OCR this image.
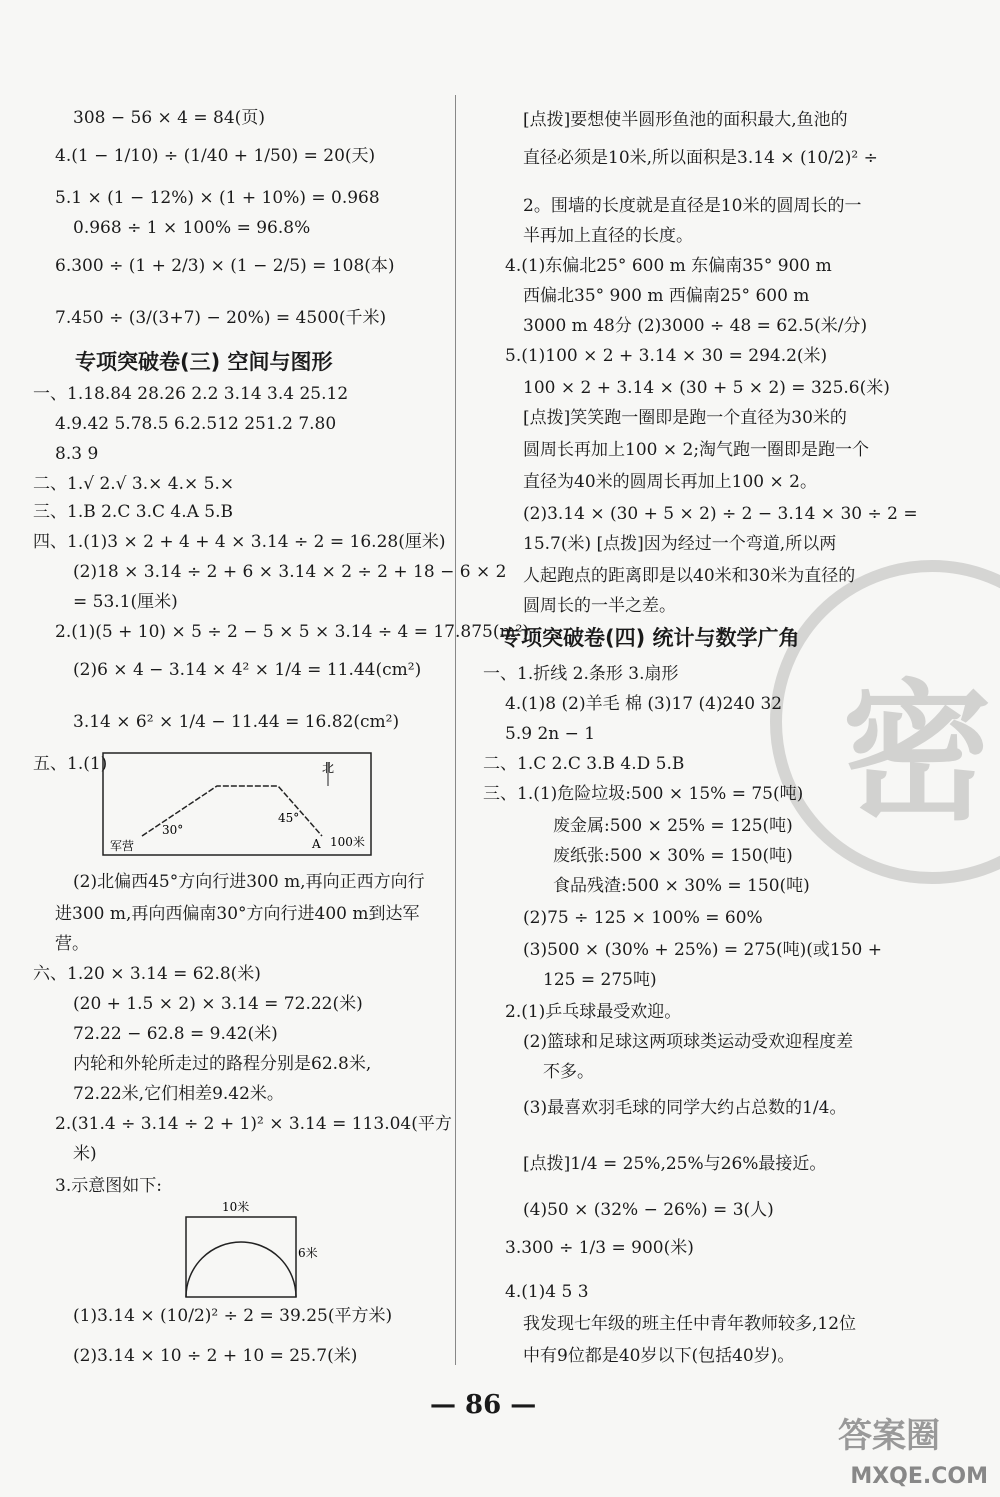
密
308 − 56 × 4 = 84(页)
4.(1 − 1/10) ÷ (1/40 + 1/50) = 20(天)
5.1 × (1 − 12%) × (1 + 10%) = 0.968
0.968 ÷ 1 × 100% = 96.8%
6.300 ÷ (1 + 2/3) × (1 − 2/5) = 108(本)
7.450 ÷ (3/(3+7) − 20%) = 4500(千米)
专项突破卷(三) 空间与图形
一、1.18.84 28.26 2.2 3.14 3.4 25.12
4.9.42 5.78.5 6.2.512 251.2 7.80
8.3 9
二、1.√ 2.√ 3.× 4.× 5.×
三、1.B 2.C 3.C 4.A 5.B
四、1.(1)3 × 2 + 4 + 4 × 3.14 ÷ 2 = 16.28(厘米)
(2)18 × 3.14 ÷ 2 + 6 × 3.14 × 2 ÷ 2 + 18 − 6 × 2
= 53.1(厘米)
2.(1)(5 + 10) × 5 ÷ 2 − 5 × 5 × 3.14 ÷ 4 = 17.875(m²)
(2)6 × 4 − 3.14 × 4² × 1/4 = 11.44(cm²)
3.14 × 6² × 1/4 − 11.44 = 16.82(cm²)
五、1.(1)
(2)北偏西45°方向行进300 m,再向正西方向行
进300 m,再向西偏南30°方向行进400 m到达军
营。
六、1.20 × 3.14 = 62.8(米)
(20 + 1.5 × 2) × 3.14 = 72.22(米)
72.22 − 62.8 = 9.42(米)
内轮和外轮所走过的路程分别是62.8米,
72.22米,它们相差9.42米。
2.(31.4 ÷ 3.14 ÷ 2 + 1)² × 3.14 = 113.04(平方
米)
3.示意图如下:
(1)3.14 × (10/2)² ÷ 2 = 39.25(平方米)
(2)3.14 × 10 ÷ 2 + 10 = 25.7(米)
北
30°
45°
军营	A 100米
10米
6米
[点拨]要想使半圆形鱼池的面积最大,鱼池的
直径必须是10米,所以面积是3.14 × (10/2)² ÷
2。围墙的长度就是直径是10米的圆周长的一
半再加上直径的长度。
4.(1)东偏北25° 600 m 东偏南35° 900 m
西偏北35° 900 m 西偏南25° 600 m
3000 m 48分 (2)3000 ÷ 48 = 62.5(米/分)
5.(1)100 × 2 + 3.14 × 30 = 294.2(米)
100 × 2 + 3.14 × (30 + 5 × 2) = 325.6(米)
[点拨]笑笑跑一圈即是跑一个直径为30米的
圆周长再加上100 × 2;淘气跑一圈即是跑一个
直径为40米的圆周长再加上100 × 2。
(2)3.14 × (30 + 5 × 2) ÷ 2 − 3.14 × 30 ÷ 2 =
15.7(米) [点拨]因为经过一个弯道,所以两
人起跑点的距离即是以40米和30米为直径的
圆周长的一半之差。
专项突破卷(四) 统计与数学广角
一、1.折线 2.条形 3.扇形
4.(1)8 (2)羊毛 棉 (3)17 (4)240 32
5.9 2n − 1
二、1.C 2.C 3.B 4.D 5.B
三、1.(1)危险垃圾:500 × 15% = 75(吨)
废金属:500 × 25% = 125(吨)
废纸张:500 × 30% = 150(吨)
食品残渣:500 × 30% = 150(吨)
(2)75 ÷ 125 × 100% = 60%
(3)500 × (30% + 25%) = 275(吨)(或150 +
125 = 275吨)
2.(1)乒乓球最受欢迎。
(2)篮球和足球这两项球类运动受欢迎程度差
不多。
(3)最喜欢羽毛球的同学大约占总数的1/4。
[点拨]1/4 = 25%,25%与26%最接近。
(4)50 × (32% − 26%) = 3(人)
3.300 ÷ 1/3 = 900(米)
4.(1)4 5 3
我发现七年级的班主任中青年教师较多,12位
中有9位都是40岁以下(包括40岁)。
— 86 —
答案圈
MXQE.COM
